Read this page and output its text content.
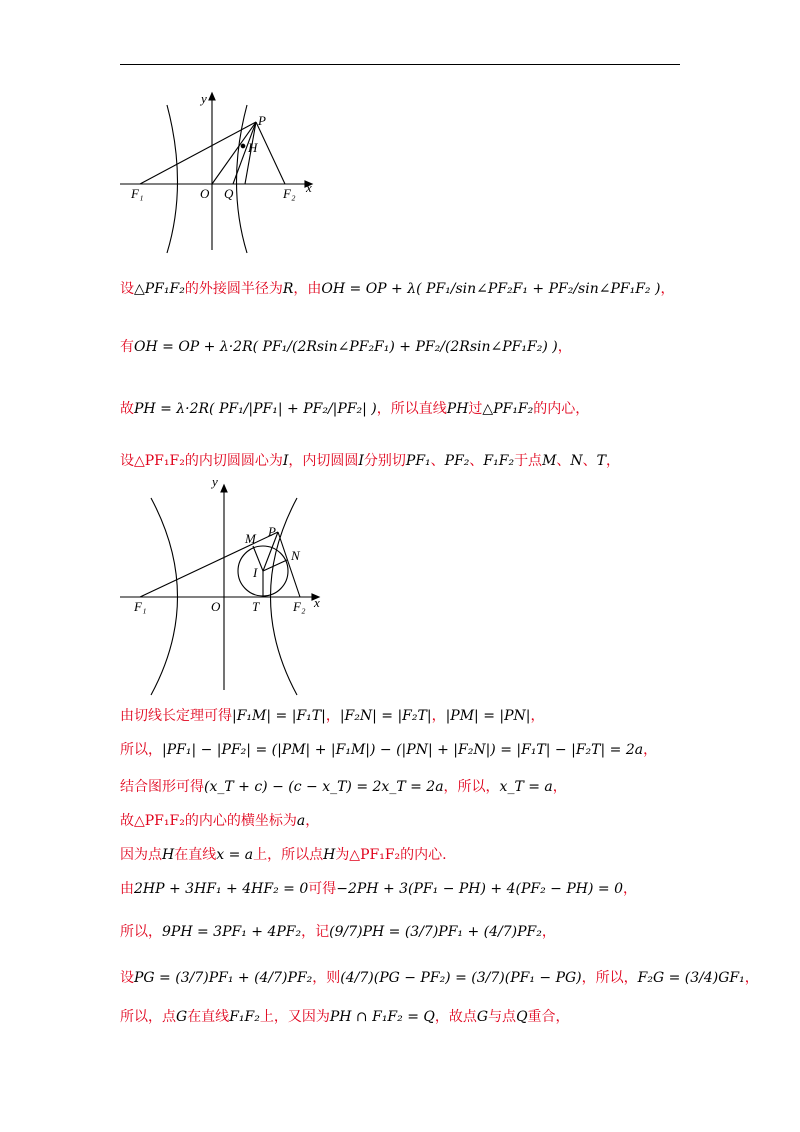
y
P
H
F₁	O Q	F₂ x
y
P
M
N
I
F₁	O T	F₂ x
设△PF₁F₂的外接圆半径为R，由OH = OP + λ( PF₁/sin∠PF₂F₁ + PF₂/sin∠PF₁F₂ )，
有OH = OP + λ·2R( PF₁/(2Rsin∠PF₂F₁) + PF₂/(2Rsin∠PF₁F₂) )，
故PH = λ·2R( PF₁/|PF₁| + PF₂/|PF₂| )，所以直线PH过△PF₁F₂的内心，
设△PF₁F₂的内切圆圆心为I，内切圆圆I分别切PF₁、PF₂、F₁F₂于点M、N、T，
由切线长定理可得|F₁M| = |F₁T|，|F₂N| = |F₂T|，|PM| = |PN|，
所以，|PF₁| − |PF₂| = (|PM| + |F₁M|) − (|PN| + |F₂N|) = |F₁T| − |F₂T| = 2a，
结合图形可得(x_T + c) − (c − x_T) = 2x_T = 2a，所以，x_T = a，
故△PF₁F₂的内心的横坐标为a，
因为点H在直线x = a上，所以点H为△PF₁F₂的内心.
由2HP + 3HF₁ + 4HF₂ = 0可得−2PH + 3(PF₁ − PH) + 4(PF₂ − PH) = 0，
所以，9PH = 3PF₁ + 4PF₂，记(9/7)PH = (3/7)PF₁ + (4/7)PF₂，
设PG = (3/7)PF₁ + (4/7)PF₂，则(4/7)(PG − PF₂) = (3/7)(PF₁ − PG)，所以，F₂G = (3/4)GF₁，
所以，点G在直线F₁F₂上，又因为PH ∩ F₁F₂ = Q，故点G与点Q重合，
